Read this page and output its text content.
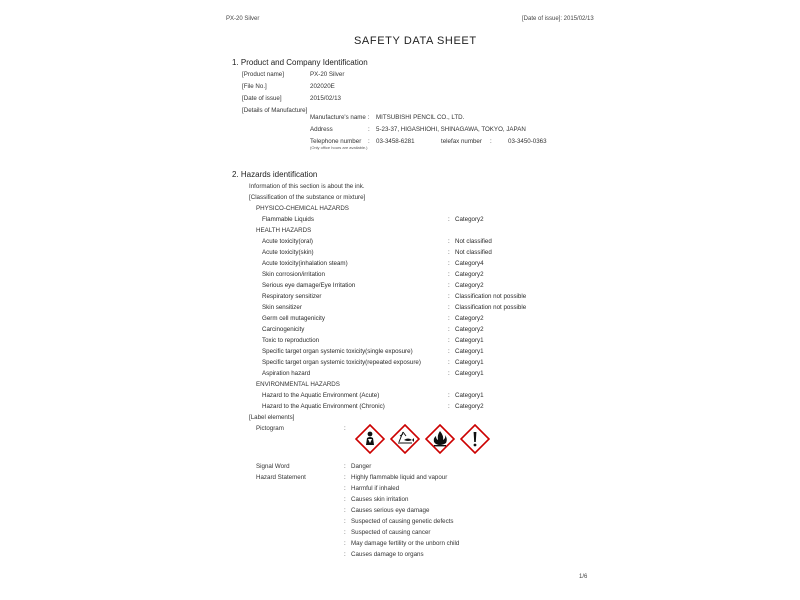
PX-20 Silver	[Date of issue]: 2015/02/13
SAFETY DATA SHEET
1. Product and Company Identification
[Product name]	PX-20 Silver
[File No.]	202020E
[Date of issue]	2015/02/13
[Details of Manufacture]
Manufacture's name : MITSUBISHI PENCIL CO., LTD.
Address	: 5-23-37, HIGASHIOHI, SHINAGAWA, TOKYO, JAPAN
Telephone number : 03-3458-6281	telefax number :	03-3450-0363
(Only office hours are available.)
2. Hazards identification
Information of this section is about the ink.
[Classification of the substance or mixture]
PHYSICO-CHEMICAL HAZARDS
Flammable Liquids	: Category2
HEALTH HAZARDS
Acute toxicity(oral)	: Not classified
Acute toxicity(skin)	: Not classified
Acute toxicity(inhalation steam)	: Category4
Skin corrosion/irritation	: Category2
Serious eye damage/Eye Irritation	: Category2
Respiratory sensitizer	: Classification not possible
Skin sensitizer	: Classification not possible
Germ cell mutagenicity	: Category2
Carcinogenicity	: Category2
Toxic to reproduction	: Category1
Specific target organ systemic toxicity(single exposure)	: Category1
Specific target organ systemic toxicity(repeated exposure)	: Category1
Aspiration hazard	: Category1
ENVIRONMENTAL HAZARDS
Hazard to the Aquatic Environment (Acute)	: Category1
Hazard to the Aquatic Environment (Chronic)	: Category2
[Label elements]
Pictogram	:
Signal Word	: Danger
Hazard Statement	: Highly flammable liquid and vapour
: Harmful if inhaled
: Causes skin irritation
: Causes serious eye damage
: Suspected of causing genetic defects
: Suspected of causing cancer
: May damage fertility or the unborn child
: Causes damage to organs
1/6
